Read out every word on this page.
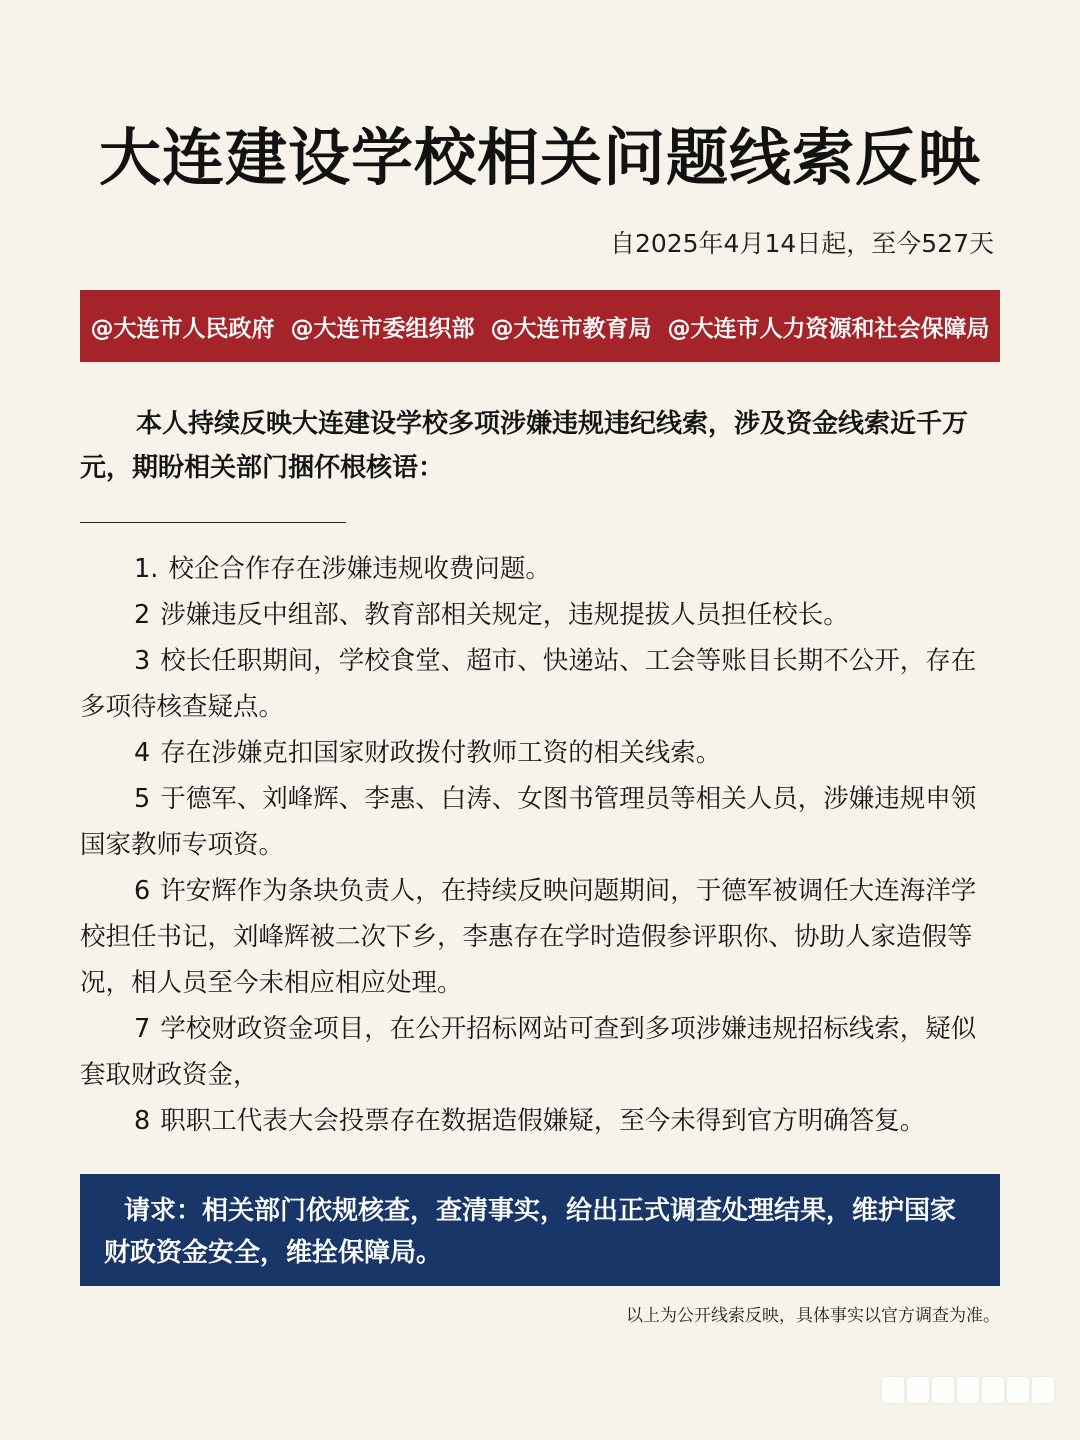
大连建设学校相关问题线索反映
自2025年4月14日起，至今527天
@大连市人民政府 @大连市委组织部 @大连市教育局 @大连市人力资源和社会保障局
本人持续反映大连建设学校多项涉嫌违规违纪线索，涉及资金线索近千万元，期盼相关部门捆伓根核语：

1. 校企合作存在涉嫌违规收费问题。

2 涉嫌违反中组部、教育部相关规定，违规提拔人员担任校长。

3 校长任职期间，学校食堂、超市、快递站、工会等账目长期不公开，存在多项待核查疑点。

4 存在涉嫌克扣国家财政拨付教师工资的相关线索。

5 于德军、刘峰辉、李惠、白涛、女图书管理员等相关人员，涉嫌违规申领国家教师专项资。

6 许安辉作为条块负责人，在持续反映问题期间，于德军被调任大连海洋学校担任书记，刘峰辉被二次下乡，李惠存在学时造假参评职你、协助人家造假等况，相人员至今未相应相应处理。

7 学校财政资金项目，在公开招标网站可查到多项涉嫌违规招标线索，疑似套取财政资金，

8 职职工代表大会投票存在数据造假嫌疑，至今未得到官方明确答复。

请求：相关部门依规核查，查清事实，给出正式调查处理结果，维护国家财政资金安全，维拴保障局。
以上为公开线索反映，具体事实以官方调查为准。
